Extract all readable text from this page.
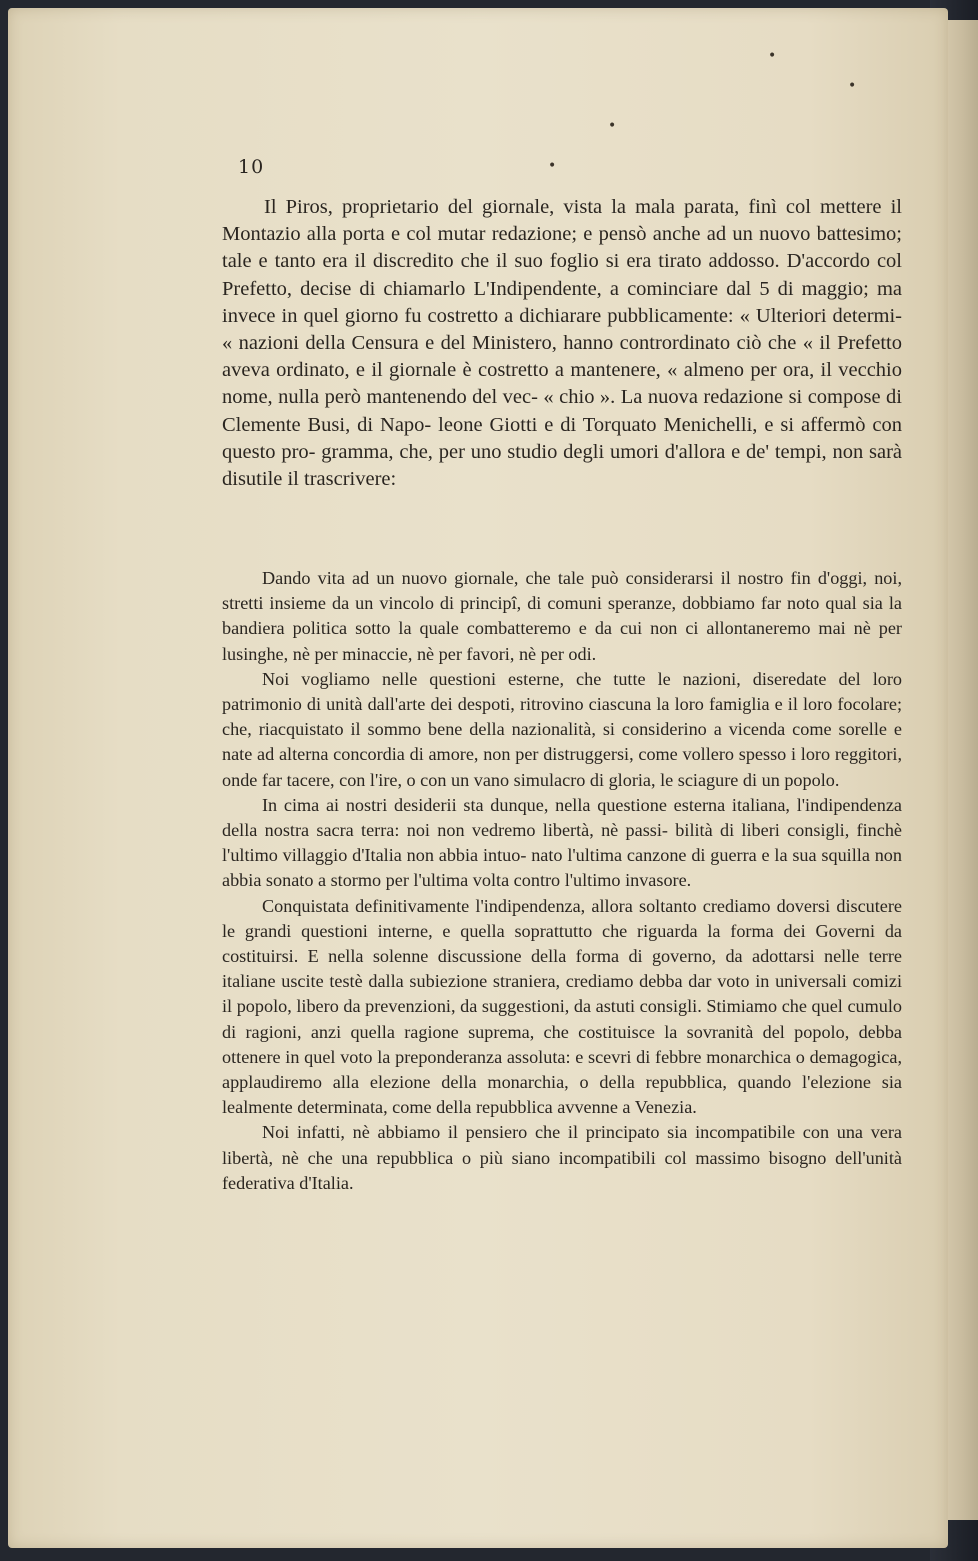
•
•
•
•
10

Il Piros, proprietario del giornale, vista la mala parata, finì col mettere il Montazio alla porta e col mutar redazione; e pensò anche ad un nuovo battesimo; tale e tanto era il discredito che il suo foglio si era tirato addosso. D'accordo col Prefetto, decise di chiamarlo L'Indipendente, a cominciare dal 5 di maggio; ma invece in quel giorno fu costretto a dichiarare pubblicamente: « Ulteriori determi- « nazioni della Censura e del Ministero, hanno contrordinato ciò che « il Prefetto aveva ordinato, e il giornale è costretto a mantenere, « almeno per ora, il vecchio nome, nulla però mantenendo del vec- « chio ». La nuova redazione si compose di Clemente Busi, di Napo- leone Giotti e di Torquato Menichelli, e si affermò con questo pro- gramma, che, per uno studio degli umori d'allora e de' tempi, non sarà disutile il trascrivere:

Dando vita ad un nuovo giornale, che tale può considerarsi il nostro fin d'oggi, noi, stretti insieme da un vincolo di principî, di comuni speranze, dobbiamo far noto qual sia la bandiera politica sotto la quale combatteremo e da cui non ci allontaneremo mai nè per lusinghe, nè per minaccie, nè per favori, nè per odi.

Noi vogliamo nelle questioni esterne, che tutte le nazioni, diseredate del loro patrimonio di unità dall'arte dei despoti, ritrovino ciascuna la loro famiglia e il loro focolare; che, riacquistato il sommo bene della nazionalità, si considerino a vicenda come sorelle e nate ad alterna concordia di amore, non per distruggersi, come vollero spesso i loro reggitori, onde far tacere, con l'ire, o con un vano simulacro di gloria, le sciagure di un popolo.

In cima ai nostri desiderii sta dunque, nella questione esterna italiana, l'indipendenza della nostra sacra terra: noi non vedremo libertà, nè passi- bilità di liberi consigli, finchè l'ultimo villaggio d'Italia non abbia intuo- nato l'ultima canzone di guerra e la sua squilla non abbia sonato a stormo per l'ultima volta contro l'ultimo invasore.

Conquistata definitivamente l'indipendenza, allora soltanto crediamo doversi discutere le grandi questioni interne, e quella soprattutto che riguarda la forma dei Governi da costituirsi. E nella solenne discussione della forma di governo, da adottarsi nelle terre italiane uscite testè dalla subiezione straniera, crediamo debba dar voto in universali comizi il popolo, libero da prevenzioni, da suggestioni, da astuti consigli. Stimiamo che quel cumulo di ragioni, anzi quella ragione suprema, che costituisce la sovranità del popolo, debba ottenere in quel voto la preponderanza assoluta: e scevri di febbre monarchica o demagogica, applaudiremo alla elezione della monarchia, o della repubblica, quando l'elezione sia lealmente determinata, come della repubblica avvenne a Venezia.

Noi infatti, nè abbiamo il pensiero che il principato sia incompatibile con una vera libertà, nè che una repubblica o più siano incompatibili col massimo bisogno dell'unità federativa d'Italia.
